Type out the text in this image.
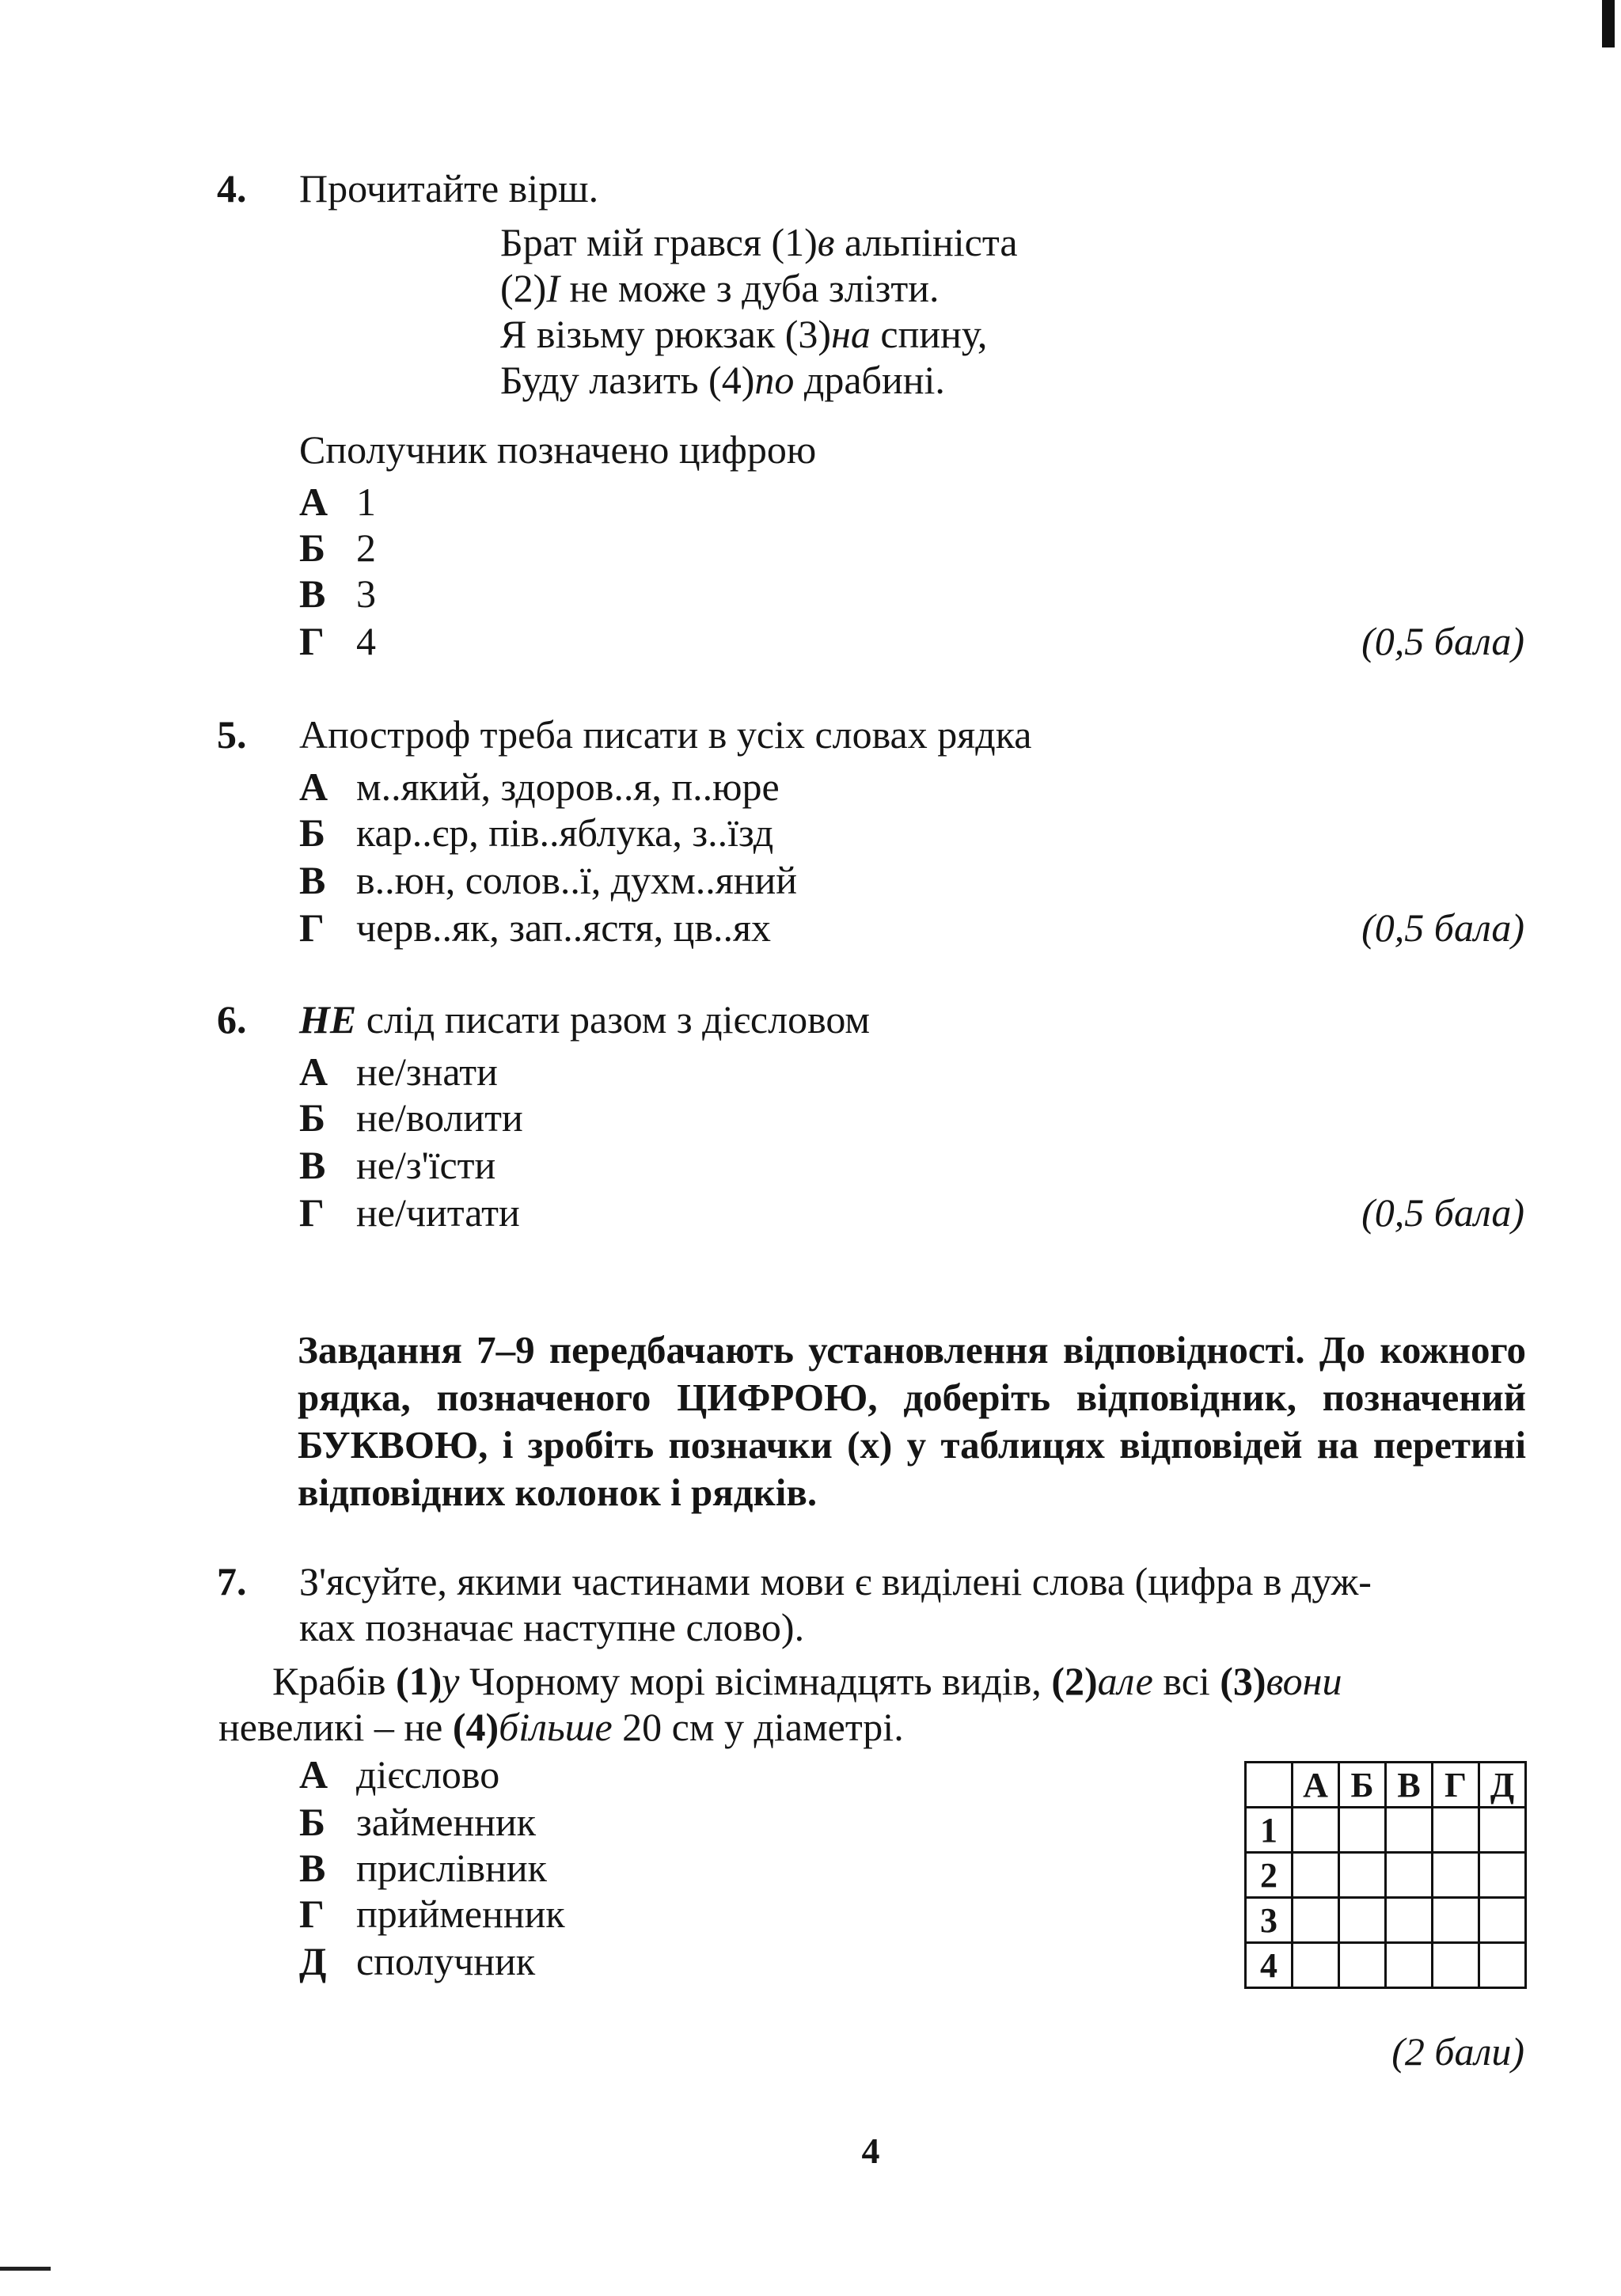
4. Прочитайте вірш.
Брат мій грався (1)в альпініста
(2)І не може з дуба злізти.
Я візьму рюкзак (3)на спину,
Буду лазить (4)по драбині.
Сполучник позначено цифрою
А 1
Б 2
В 3
Г 4	(0,5 бала)
5. Апостроф треба писати в усіх словах рядка
А м..який, здоров..я, п..юре
Б кар..єр, пів..яблука, з..їзд
В в..юн, солов..ї, духм..яний
Г черв..як, зап..ястя, цв..ях	(0,5 бала)
6. НЕ слід писати разом з дієсловом
А не/знати
Б не/волити
В не/з'їсти
Г не/читати	(0,5 бала)
Завдання 7–9 передбачають установлення відповідності. До кожного рядка, позначеного ЦИФРОЮ, доберіть відповідник, позначений БУКВОЮ, і зробіть позначки (х) у таблицях відповідей на перетині відповідних колонок і рядків.
7. З'ясуйте, якими частинами мови є виділені слова (цифра в дуж-
ках позначає наступне слово).
Крабів (1)у Чорному морі вісімнадцять видів, (2)але всі (3)вони
невеликі – не (4)більше 20 см у діаметрі.
А дієслово
Б займенник
В прислівник
Г прийменник
Д сполучник
	А	Б	В	Г	Д
1					
2					
3					
4					
(2 бали)
4
